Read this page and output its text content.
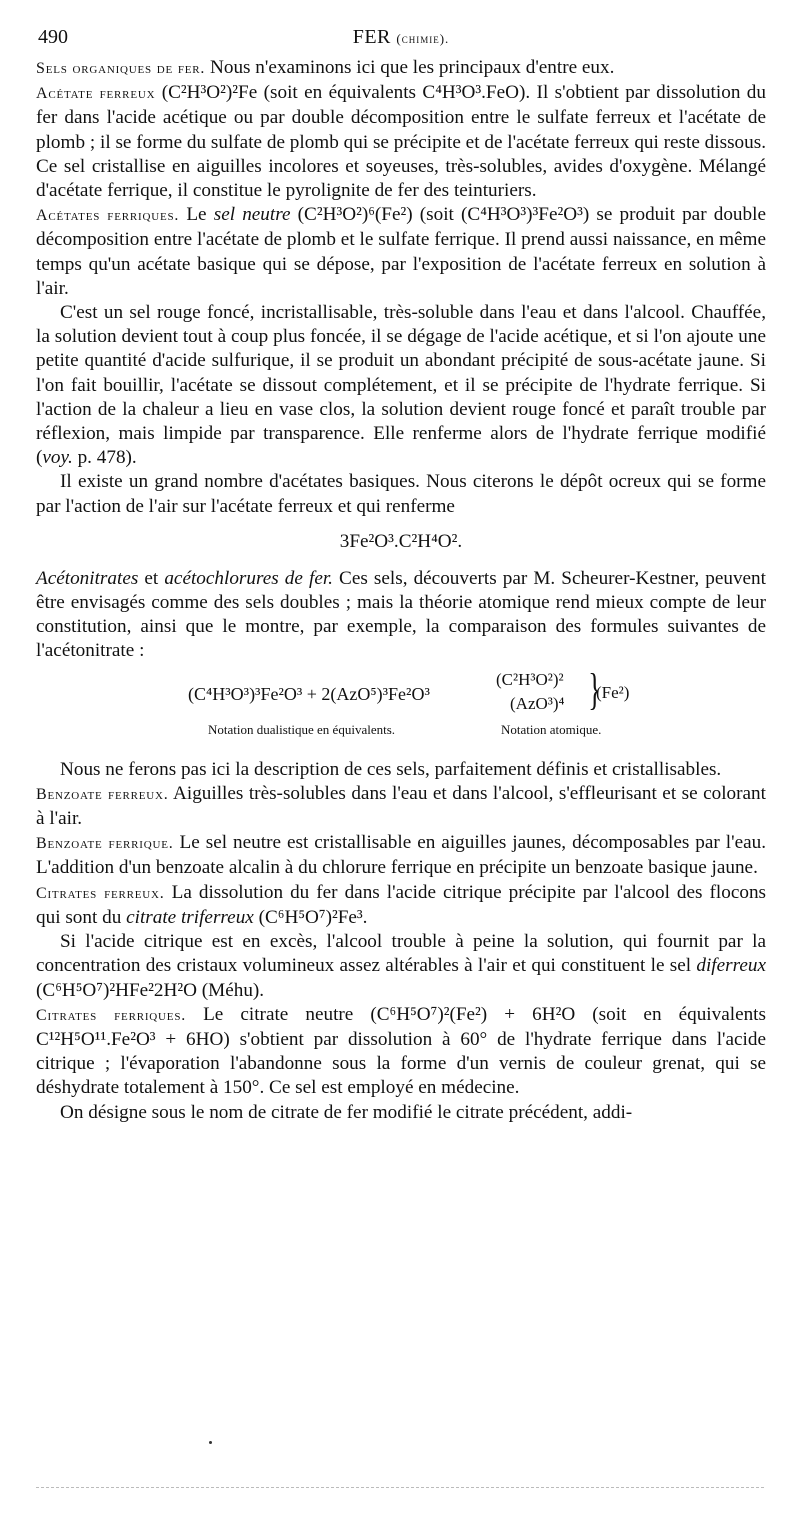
490	FER (chimie).

Sels organiques de fer. Nous n'examinons ici que les principaux d'entre eux.

Acétate ferreux (C²H³O²)²Fe (soit en équivalents C⁴H³O³.FeO). Il s'obtient par dissolution du fer dans l'acide acétique ou par double décomposition entre le sulfate ferreux et l'acétate de plomb ; il se forme du sulfate de plomb qui se précipite et de l'acétate ferreux qui reste dissous. Ce sel cristallise en aiguilles incolores et soyeuses, très-solubles, avides d'oxygène. Mélangé d'acétate ferrique, il constitue le pyrolignite de fer des teinturiers.

Acétates ferriques. Le sel neutre (C²H³O²)⁶(Fe²) (soit (C⁴H³O³)³Fe²O³) se produit par double décomposition entre l'acétate de plomb et le sulfate ferrique. Il prend aussi naissance, en même temps qu'un acétate basique qui se dépose, par l'exposition de l'acétate ferreux en solution à l'air.

C'est un sel rouge foncé, incristallisable, très-soluble dans l'eau et dans l'alcool. Chauffée, la solution devient tout à coup plus foncée, il se dégage de l'acide acétique, et si l'on ajoute une petite quantité d'acide sulfurique, il se produit un abondant précipité de sous-acétate jaune. Si l'on fait bouillir, l'acétate se dissout complétement, et il se précipite de l'hydrate ferrique. Si l'action de la chaleur a lieu en vase clos, la solution devient rouge foncé et paraît trouble par réflexion, mais limpide par transparence. Elle renferme alors de l'hydrate ferrique modifié (voy. p. 478).

Il existe un grand nombre d'acétates basiques. Nous citerons le dépôt ocreux qui se forme par l'action de l'air sur l'acétate ferreux et qui renferme

3Fe²O³.C²H⁴O².

Acétonitrates et acétochlorures de fer. Ces sels, découverts par M. Scheurer-Kestner, peuvent être envisagés comme des sels doubles ; mais la théorie atomique rend mieux compte de leur constitution, ainsi que le montre, par exemple, la comparaison des formules suivantes de l'acétonitrate :

(C⁴H³O³)³Fe²O³ + 2(AzO⁵)³Fe²O³
(C²H³O²)²
(AzO³)⁴ }
(Fe²)
Notation dualistique en équivalents.	Notation atomique.

Nous ne ferons pas ici la description de ces sels, parfaitement définis et cristallisables.

Benzoate ferreux. Aiguilles très-solubles dans l'eau et dans l'alcool, s'efflеurisant et se colorant à l'air.

Benzoate ferrique. Le sel neutre est cristallisable en aiguilles jaunes, décomposables par l'eau. L'addition d'un benzoate alcalin à du chlorure ferrique en précipite un benzoate basique jaune.

Citrates ferreux. La dissolution du fer dans l'acide citrique précipite par l'alcool des flocons qui sont du citrate triferreux (C⁶H⁵O⁷)²Fe³.

Si l'acide citrique est en excès, l'alcool trouble à peine la solution, qui fournit par la concentration des cristaux volumineux assez altérables à l'air et qui constituent le sel diferreux (C⁶H⁵O⁷)²HFe²2H²O (Méhu).

Citrates ferriques. Le citrate neutre (C⁶H⁵O⁷)²(Fe²) + 6H²O (soit en équivalents C¹²H⁵O¹¹.Fe²O³ + 6HO) s'obtient par dissolution à 60° de l'hydrate ferrique dans l'acide citrique ; l'évaporation l'abandonne sous la forme d'un vernis de couleur grenat, qui se déshydrate totalement à 150°. Ce sel est employé en médecine.

On désigne sous le nom de citrate de fer modifié le citrate précédent, addi-
